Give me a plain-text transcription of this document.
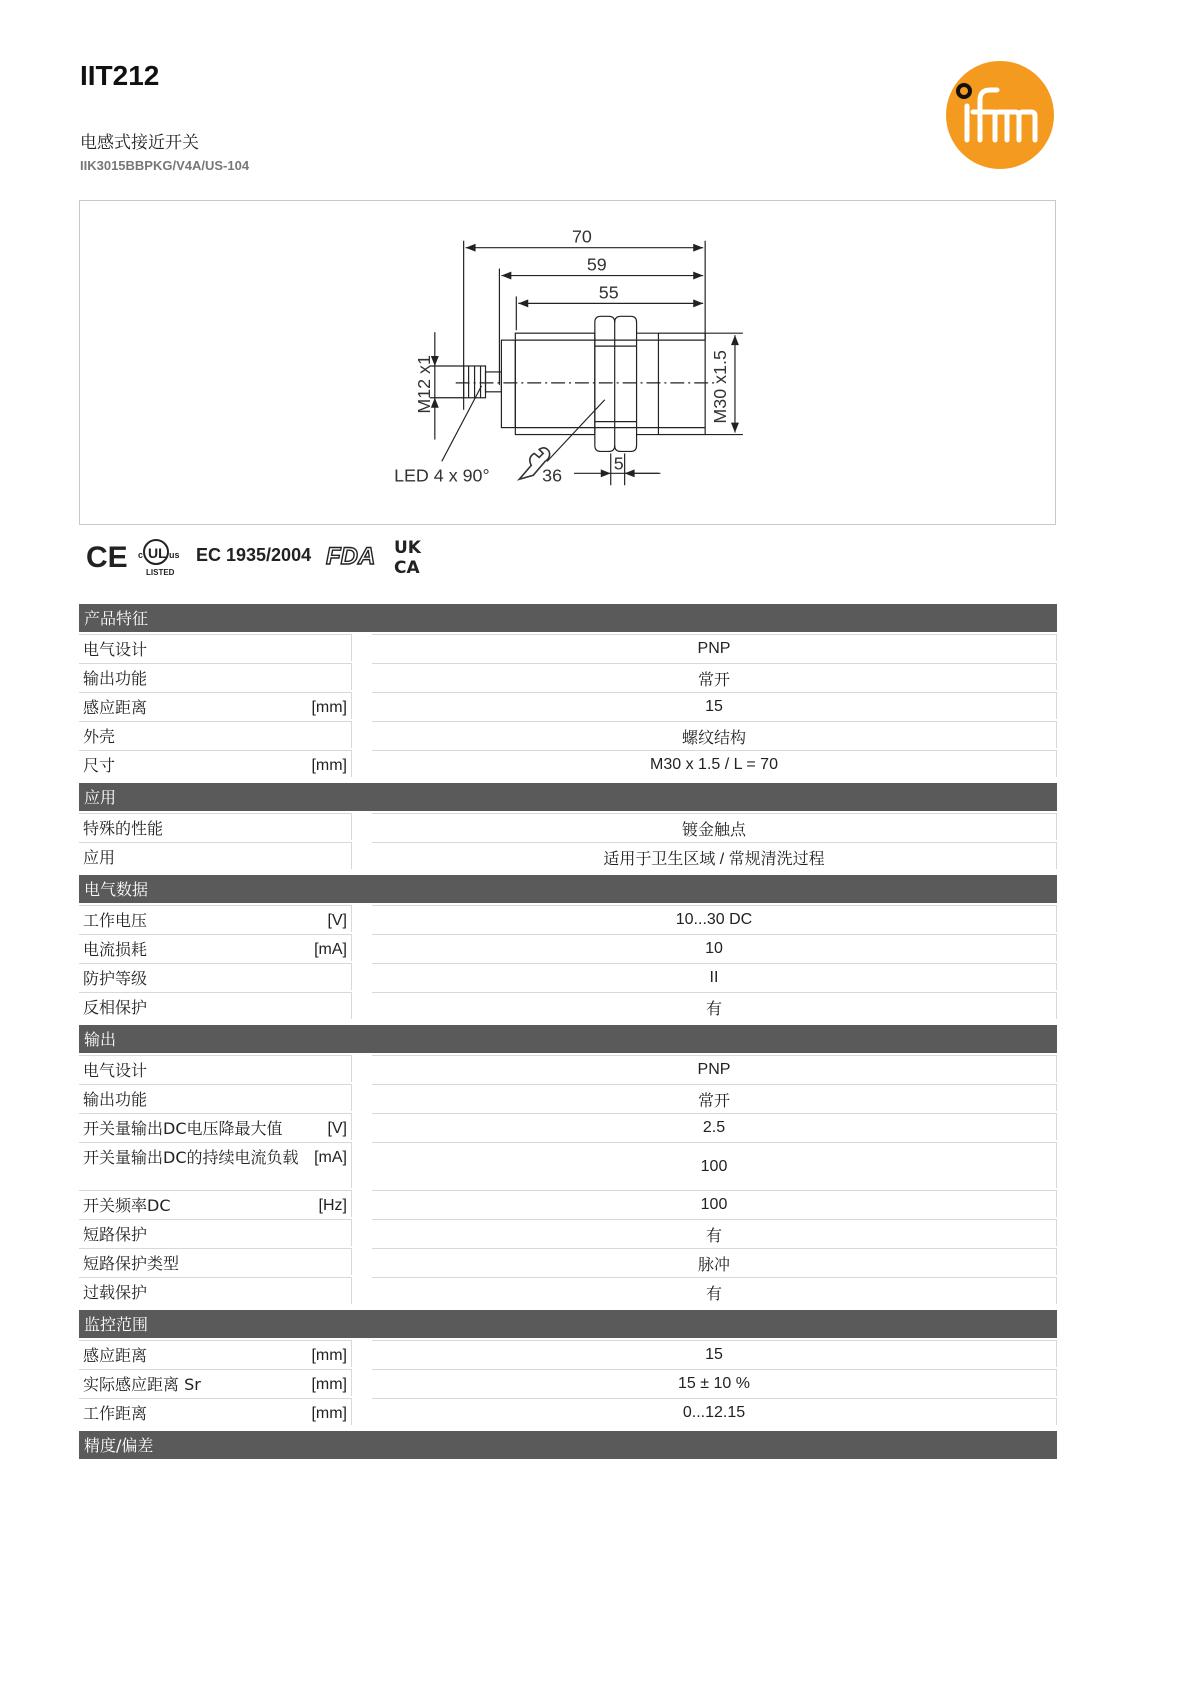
IIT212
电感式接近开关
IIK3015BBPKG/V4A/US-104
70
59
55
M12 x1	M30 x1.5
LED 4 x 90°	36
5
CE UL
c	us
LISTED
EC 1935/2004 FDA UK
CA
产品特征
电气设计	PNP
输出功能	常开
感应距离	[mm]	15
外壳	螺纹结构
尺寸	[mm]	M30 x 1.5 / L = 70
应用
特殊的性能	镀金触点
应用	适用于卫生区域 / 常规清洗过程
电气数据
工作电压	[V]	10...30 DC
电流损耗	[mA]	10
防护等级	II
反相保护	有
输出
电气设计	PNP
输出功能	常开
开关量输出DC电压降最大值	[V]	2.5
开关量输出DC的持续电流负载 [mA]	100
开关频率DC	[Hz]	100
短路保护	有
短路保护类型	脉冲
过载保护	有
监控范围
感应距离	[mm]	15
实际感应距离 Sr	[mm]	15 ± 10 %
工作距离	[mm]	0...12.15
精度/偏差
